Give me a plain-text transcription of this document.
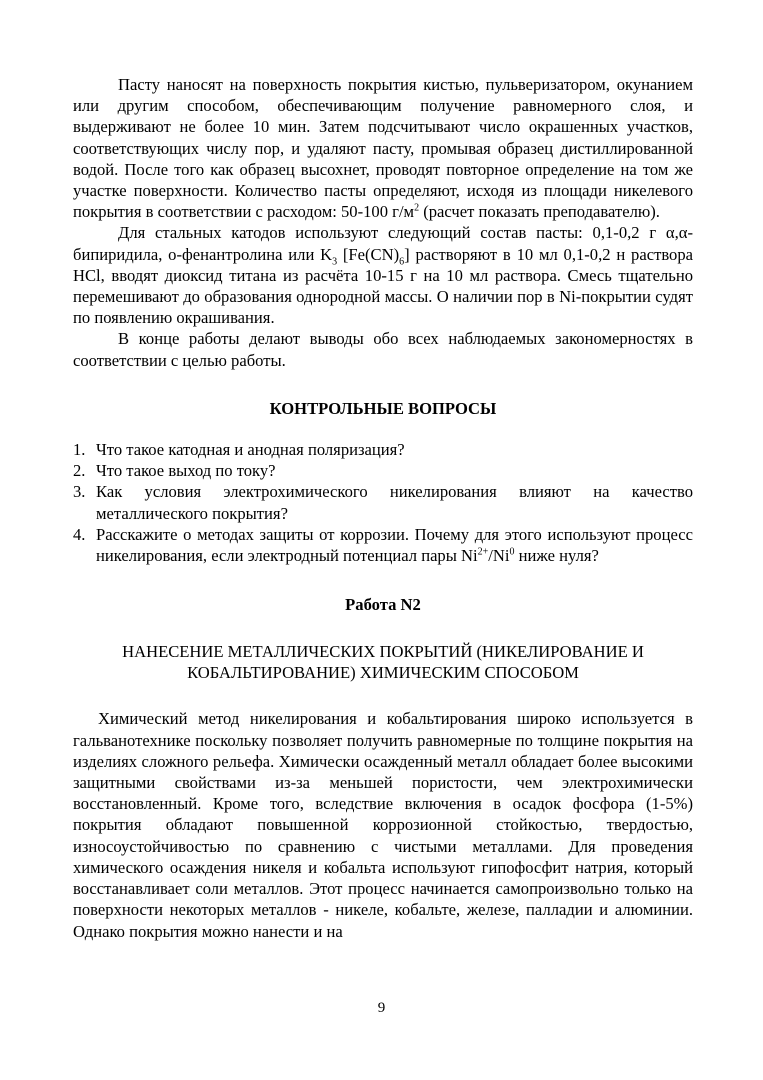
Пасту наносят на поверхность покрытия кистью, пульверизатором, окунанием или другим способом, обеспечивающим получение равномерного слоя, и выдерживают не более 10 мин. Затем подсчитывают число окрашенных участков, соответствующих числу пор, и удаляют пасту, промывая образец дистиллированной водой. После того как образец высохнет, проводят повторное определение на том же участке поверхности. Количество пасты определяют, исходя из площади никелевого покрытия в соответствии с расходом: 50-100 $г/м^2$ (расчет показать преподавателю).

Для стальных катодов используют следующий состав пасты: 0,1-0,2 г α,α-бипиридила, о-фенантролина или $K_3$ $[Fe(CN)_6]$ растворяют в 10 мл 0,1-0,2 н раствора HCl, вводят диоксид титана из расчёта 10-15 г на 10 мл раствора. Смесь тщательно перемешивают до образования однородной массы. О наличии пор в Ni-покрытии судят по появлению окрашивания.

В конце работы делают выводы обо всех наблюдаемых закономерностях в соответствии с целью работы.

КОНТРОЛЬНЫЕ ВОПРОСЫ

1. Что такое катодная и анодная поляризация?
2. Что такое выход по току?
3. Как условия электрохимического никелирования влияют на качество металлического покрытия?
4. Расскажите о методах защиты от коррозии. Почему для этого используют процесс никелирования, если электродный потенциал пары $Ni^{2+}/Ni^0$ ниже нуля?

Работа N2

НАНЕСЕНИЕ МЕТАЛЛИЧЕСКИХ ПОКРЫТИЙ (НИКЕЛИРОВАНИЕ И КОБАЛЬТИРОВАНИЕ) ХИМИЧЕСКИМ СПОСОБОМ

Химический метод никелирования и кобальтирования широко используется в гальванотехнике поскольку позволяет получить равномерные по толщине покрытия на изделиях сложного рельефа. Химически осажденный металл обладает более высокими защитными свойствами из-за меньшей пористости, чем электрохимически восстановленный. Кроме того, вследствие включения в осадок фосфора (1-5%) покрытия обладают повышенной коррозионной стойкостью, твердостью, износоустойчивостью по сравнению с чистыми металлами. Для проведения химического осаждения никеля и кобальта используют гипофосфит натрия, который восстанавливает соли металлов. Этот процесс начинается самопроизвольно только на поверхности некоторых металлов - никеле, кобальте, железе, палладии и алюминии. Однако покрытия можно нанести и на

9
